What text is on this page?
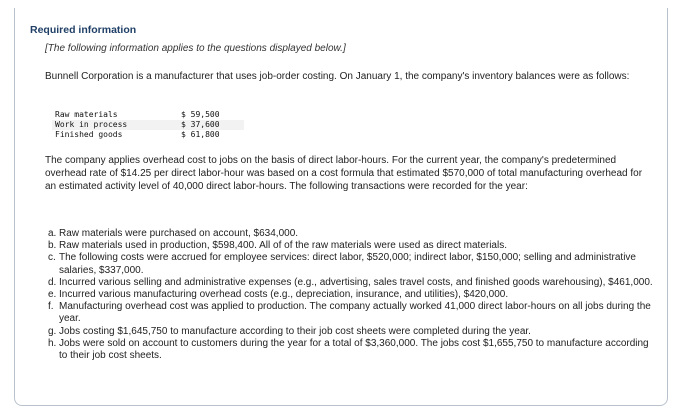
Required information

[The following information applies to the questions displayed below.]

Bunnell Corporation is a manufacturer that uses job-order costing. On January 1, the company's inventory balances were as follows:

Raw materials	$ 59,500
Work in process	$ 37,600
Finished goods	$ 61,800

The company applies overhead cost to jobs on the basis of direct labor-hours. For the current year, the company's predetermined overhead rate of $14.25 per direct labor-hour was based on a cost formula that estimated $570,000 of total manufacturing overhead for an estimated activity level of 40,000 direct labor-hours. The following transactions were recorded for the year:

a. Raw materials were purchased on account, $634,000.
b. Raw materials used in production, $598,400. All of of the raw materials were used as direct materials.
c. The following costs were accrued for employee services: direct labor, $520,000; indirect labor, $150,000; selling and administrative salaries, $337,000.
d. Incurred various selling and administrative expenses (e.g., advertising, sales travel costs, and finished goods warehousing), $461,000.
e. Incurred various manufacturing overhead costs (e.g., depreciation, insurance, and utilities), $420,000.
f. Manufacturing overhead cost was applied to production. The company actually worked 41,000 direct labor-hours on all jobs during the year.
g. Jobs costing $1,645,750 to manufacture according to their job cost sheets were completed during the year.
h. Jobs were sold on account to customers during the year for a total of $3,360,000. The jobs cost $1,655,750 to manufacture according to their job cost sheets.
